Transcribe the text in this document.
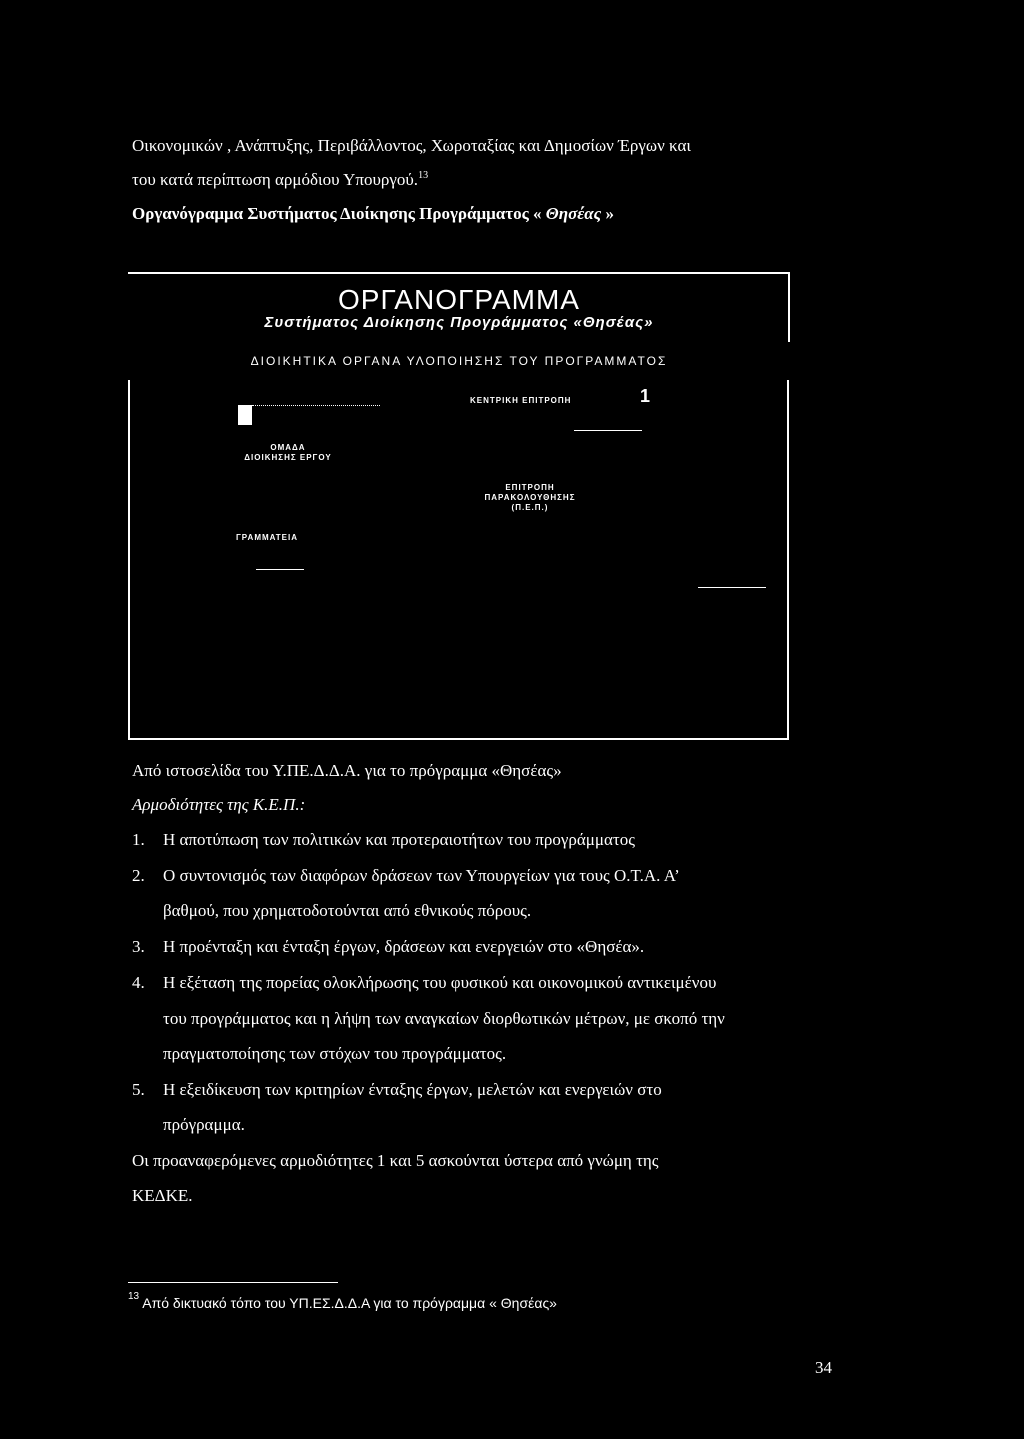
Οικονομικών , Ανάπτυξης, Περιβάλλοντος, Χωροταξίας και Δημοσίων Έργων και
του κατά περίπτωση αρμόδιου Υπουργού.$^{13}$
Οργανόγραμμα Συστήματος Διοίκησης Προγράμματος « Θησέας »
ΟΡΓΑΝΟΓΡΑΜΜΑ
Συστήματος Διοίκησης Προγράμματος «Θησέας»
ΔΙΟΙΚΗΤΙΚΑ ΟΡΓΑΝΑ ΥΛΟΠΟΙΗΣΗΣ ΤΟΥ ΠΡΟΓΡΑΜΜΑΤΟΣ
ΚΕΝΤΡΙΚΗ ΕΠΙΤΡΟΠΗ	1
ΟΜΑΔΑ
ΔΙΟΙΚΗΣΗΣ ΕΡΓΟΥ
ΕΠΙΤΡΟΠΗ
ΠΑΡΑΚΟΛΟΥΘΗΣΗΣ
(Π.Ε.Π.)
ΓΡΑΜΜΑΤΕΙΑ
Από ιστοσελίδα του Υ.ΠΕ.Δ.Δ.Α. για το πρόγραμμα «Θησέας»
Αρμοδιότητες της Κ.Ε.Π.:
1. Η αποτύπωση των πολιτικών και προτεραιοτήτων του προγράμματος
2. Ο συντονισμός των διαφόρων δράσεων των Υπουργείων για τους Ο.Τ.Α. Α’
βαθμού, που χρηματοδοτούνται από εθνικούς πόρους.
3. Η προένταξη και ένταξη έργων, δράσεων και ενεργειών στο «Θησέα».
4. Η εξέταση της πορείας ολοκλήρωσης του φυσικού και οικονομικού αντικειμένου
του προγράμματος και η λήψη των αναγκαίων διορθωτικών μέτρων, με σκοπό την
πραγματοποίησης των στόχων του προγράμματος.
5. Η εξειδίκευση των κριτηρίων ένταξης έργων, μελετών και ενεργειών στο
πρόγραμμα.
Οι προαναφερόμενες αρμοδιότητες 1 και 5 ασκούνται ύστερα από γνώμη της
ΚΕΔΚΕ.
$^{13}$ Από δικτυακό τόπο του ΥΠ.ΕΣ.Δ.Δ.Α για το πρόγραμμα « Θησέας»
34
